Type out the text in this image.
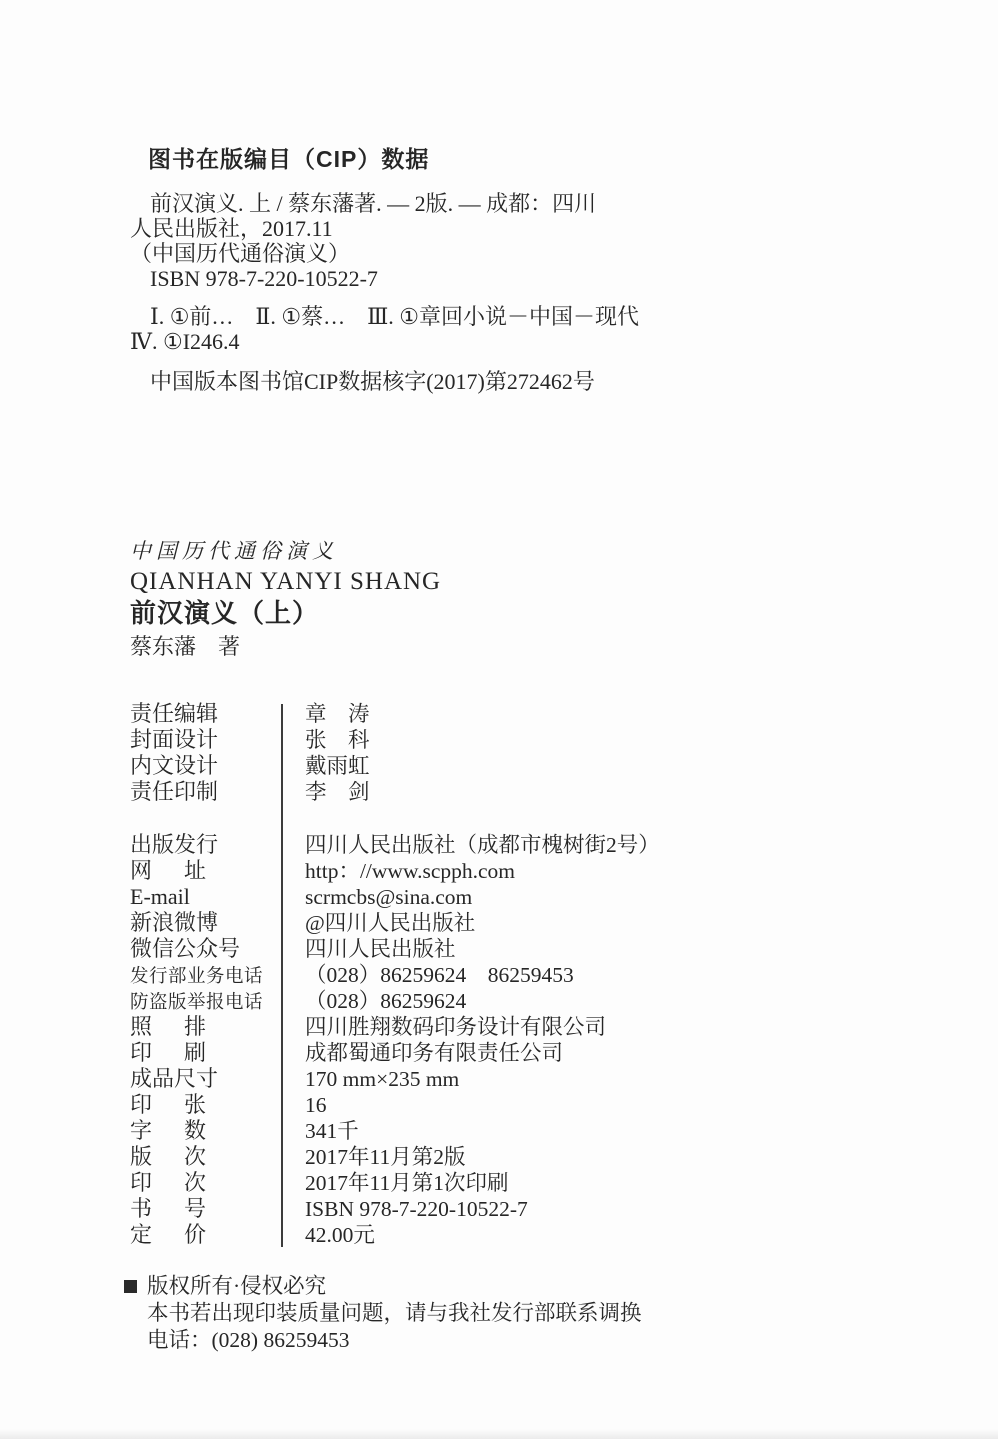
图书在版编目（CIP）数据
前汉演义. 上 / 蔡东藩著. — 2版. — 成都：四川
人民出版社，2017.11
（中国历代通俗演义）
ISBN 978-7-220-10522-7
Ⅰ. ①前…　Ⅱ. ①蔡…　Ⅲ. ①章回小说－中国－现代
Ⅳ. ①I246.4
中国版本图书馆CIP数据核字(2017)第272462号
中国历代通俗演义
QIANHAN YANYI SHANG
前汉演义（上）
蔡东藩　著
责任编辑	章　涛
封面设计	张　科
内文设计	戴雨虹
责任印制	李　剑
出版发行	四川人民出版社（成都市槐树街2号）
网址	http：//www.scpph.com
E-mail	scrmcbs@sina.com
新浪微博	@四川人民出版社
微信公众号	四川人民出版社
发行部业务电话	（028）86259624　86259453
防盗版举报电话	（028）86259624
照排	四川胜翔数码印务设计有限公司
印刷	成都蜀通印务有限责任公司
成品尺寸	170 mm×235 mm
印张	16
字数	341千
版次	2017年11月第2版
印次	2017年11月第1次印刷
书号	ISBN 978-7-220-10522-7
定价	42.00元
版权所有·侵权必究
本书若出现印装质量问题，请与我社发行部联系调换
电话：(028) 86259453
